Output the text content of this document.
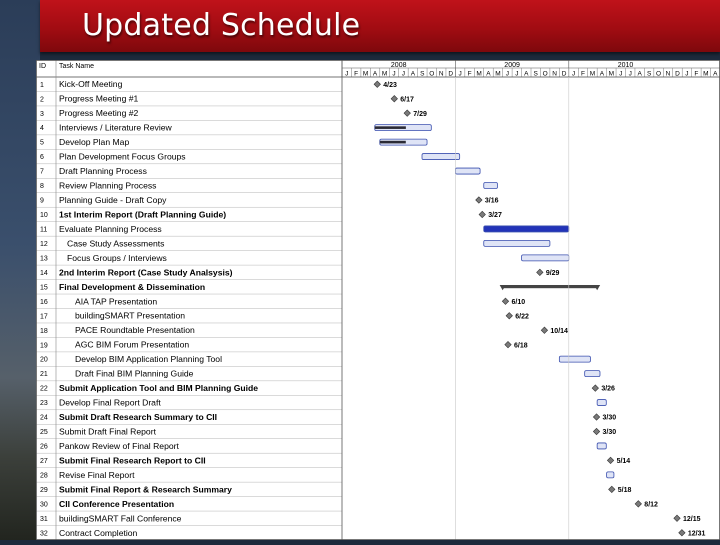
Updated Schedule
ID Task Name	2008	2009	2010
J F M A M J J A S O N D J F M A M J J A S O N D J F M A M J J A S O N D J F M A
1 Kick-Off Meeting	4/23
2 Progress Meeting #1	6/17
3 Progress Meeting #2	7/29
4 Interviews / Literature Review
5 Develop Plan Map
6 Plan Development Focus Groups
7 Draft Planning Process
8 Review Planning Process
9 Planning Guide - Draft Copy	3/16
10 1st Interim Report (Draft Planning Guide)	3/27
11 Evaluate Planning Process
12 Case Study Assessments
13 Focus Groups / Interviews
14 2nd Interim Report (Case Study Analsysis)	9/29
15 Final Development & Dissemination
16	AIA TAP Presentation	6/10
17	buildingSMART Presentation	6/22
18	PACE Roundtable Presentation	10/14
19	AGC BIM Forum Presentation	6/18
20	Develop BIM Application Planning Tool
21	Draft Final BIM Planning Guide
22 Submit Application Tool and BIM Planning Guide	3/26
23 Develop Final Report Draft
24 Submit Draft Research Summary to CII	3/30
25 Submit Draft Final Report	3/30
26 Pankow Review of Final Report
27 Submit Final Research Report to CII	5/14
28 Revise Final Report
29 Submit Final Report & Research Summary	5/18
30 CII Conference Presentation	8/12
31 buildingSMART Fall Conference	12/15
32 Contract Completion	12/31
